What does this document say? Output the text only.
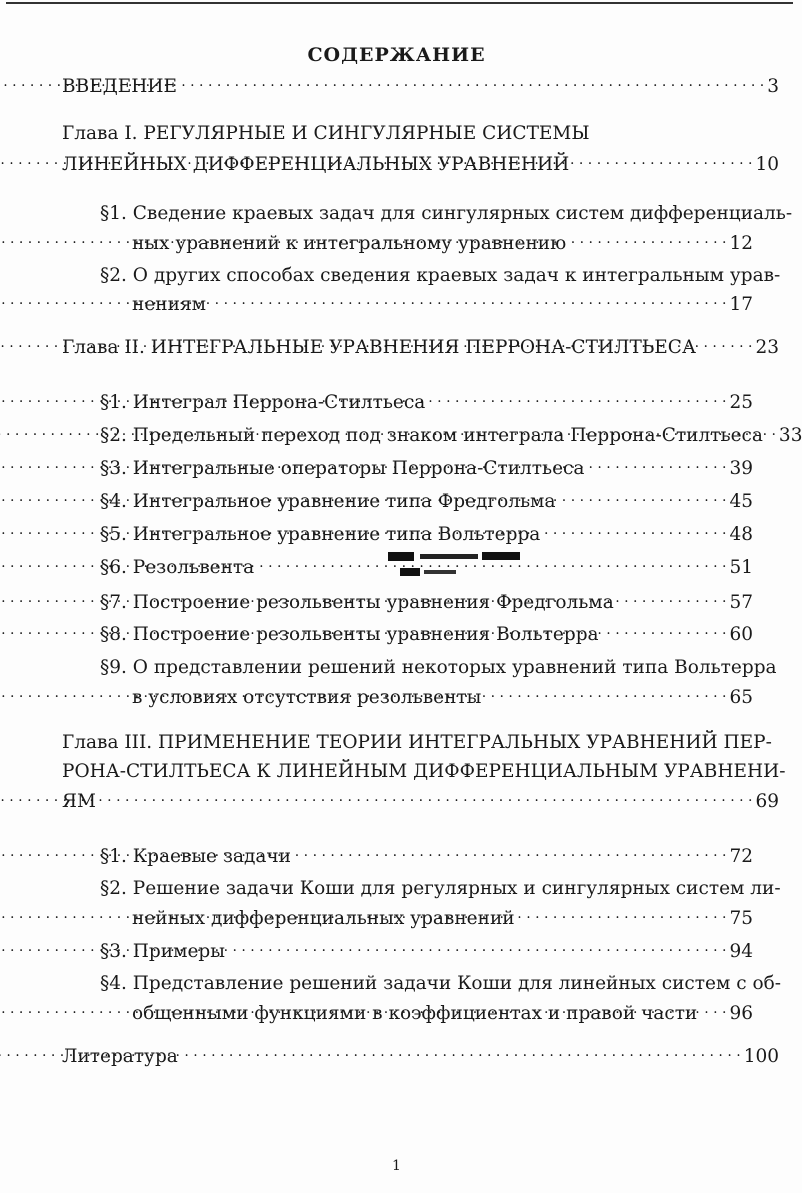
СОДЕРЖАНИЕ
ВВЕДЕНИЕ . . .	3
Глава I. РЕГУЛЯРНЫЕ И СИНГУЛЯРНЫЕ СИСТЕМЫ
ЛИНЕЙНЫХ ДИФФЕРЕНЦИАЛЬНЫХ УРАВНЕНИЙ . . .	10
§1. Сведение краевых задач для сингулярных систем дифференциаль-
ных уравнений к интегральному уравнению . . .	12
§2. О других способах сведения краевых задач к интегральным урав-
нениям . . .	17
Глава II. ИНТЕГРАЛЬНЫЕ УРАВНЕНИЯ ПЕРРОНА-СТИЛТЬЕСА . . .	23
§1. Интеграл Перрона-Стилтьеса . . .	25
§2. Предельный переход под знаком интеграла Перрона-Стилтьеса . . . 33
§3. Интегральные операторы Перрона-Стилтьеса . . .	39
§4. Интегральное уравнение типа Фредгольма . . .	45
§5. Интегральное уравнение типа Вольтерра . . .	48
§6. Резольвента . . .	51
§7. Построение резольвенты уравнения Фредгольма . . .	57
§8. Построение резольвенты уравнения Вольтерра . . .	60
§9. О представлении решений некоторых уравнений типа Вольтерра
в условиях отсутствия резольвенты . . .	65
Глава III. ПРИМЕНЕНИЕ ТЕОРИИ ИНТЕГРАЛЬНЫХ УРАВНЕНИЙ ПЕР-
РОНА-СТИЛТЬЕСА К ЛИНЕЙНЫМ ДИФФЕРЕНЦИАЛЬНЫМ УРАВНЕНИ-
ЯМ . . .	69
§1. Краевые задачи . . .	72
§2. Решение задачи Коши для регулярных и сингулярных систем ли-
нейных дифференциальных уравнений . . .	75
§3. Примеры . . .	94
§4. Представление решений задачи Коши для линейных систем с об-
общенными функциями в коэффициентах и правой части . . . 96
Литература . . .	100
1
